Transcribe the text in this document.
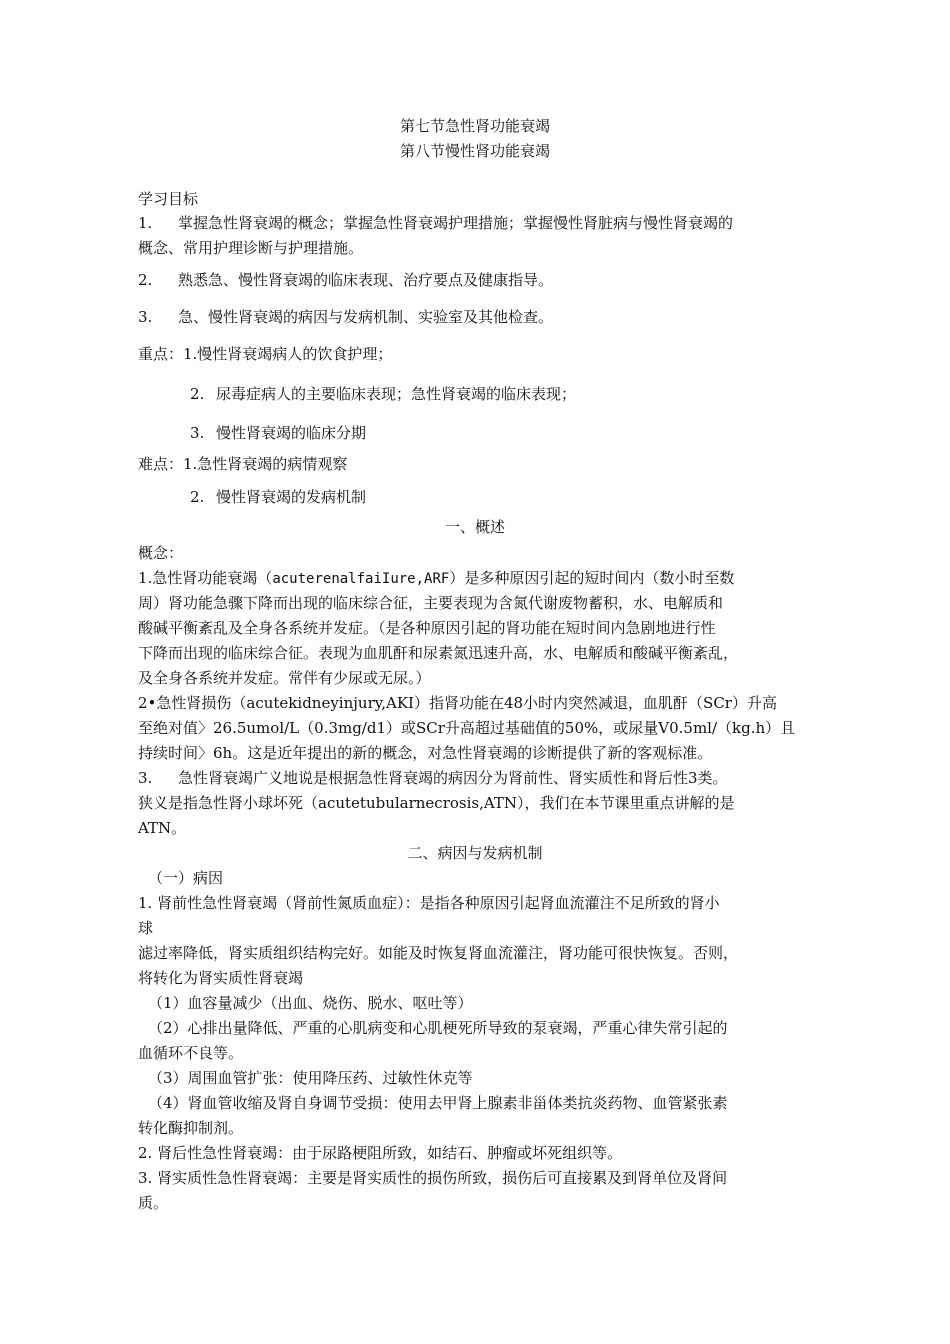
第七节急性肾功能衰竭
第八节慢性肾功能衰竭
学习目标
1. 掌握急性肾衰竭的概念；掌握急性肾衰竭护理措施；掌握慢性肾脏病与慢性肾衰竭的
概念、常用护理诊断与护理措施。
2. 熟悉急、慢性肾衰竭的临床表现、治疗要点及健康指导。
3. 急、慢性肾衰竭的病因与发病机制、实验室及其他检查。
重点：1.慢性肾衰竭病人的饮食护理；
2. 尿毒症病人的主要临床表现；急性肾衰竭的临床表现；
3. 慢性肾衰竭的临床分期
难点：1.急性肾衰竭的病情观察
2. 慢性肾衰竭的发病机制
一、概述
概念：
1.急性肾功能衰竭（acuterenalfaiIure,ARF）是多种原因引起的短时间内（数小时至数
周）肾功能急骤下降而出现的临床综合征，主要表现为含氮代谢废物蓄积，水、电解质和
酸碱平衡紊乱及全身各系统并发症。（是各种原因引起的肾功能在短时间内急剧地进行性
下降而出现的临床综合征。表现为血肌酐和尿素氮迅速升高，水、电解质和酸碱平衡紊乱，
及全身各系统并发症。常伴有少尿或无尿。）
2•急性肾损伤（acutekidneyinjury,AKI）指肾功能在48小时内突然减退，血肌酐（SCr）升高
至绝对值〉26.5umol/L（0.3mg/d1）或SCr升高超过基础值的50%，或尿量V0.5ml/（kg.h）且
持续时间〉6h。这是近年提出的新的概念，对急性肾衰竭的诊断提供了新的客观标准。
3. 急性肾衰竭广义地说是根据急性肾衰竭的病因分为肾前性、肾实质性和肾后性3类。
狭义是指急性肾小球坏死（acutetubularnecrosis,ATN），我们在本节课里重点讲解的是
ATN。
二、病因与发病机制
（一）病因
1. 肾前性急性肾衰竭（肾前性氮质血症）：是指各种原因引起肾血流灌注不足所致的肾小
球
滤过率降低，肾实质组织结构完好。如能及时恢复肾血流灌注，肾功能可很快恢复。否则，
将转化为肾实质性肾衰竭
（1）血容量减少（出血、烧伤、脱水、呕吐等）
（2）心排出量降低、严重的心肌病变和心肌梗死所导致的泵衰竭，严重心律失常引起的
血循环不良等。
（3）周围血管扩张：使用降压药、过敏性休克等
（4）肾血管收缩及肾自身调节受损：使用去甲肾上腺素非甾体类抗炎药物、血管紧张素
转化酶抑制剂。
2. 肾后性急性肾衰竭：由于尿路梗阻所致，如结石、肿瘤或坏死组织等。
3. 肾实质性急性肾衰竭：主要是肾实质性的损伤所致，损伤后可直接累及到肾单位及肾间
质。
